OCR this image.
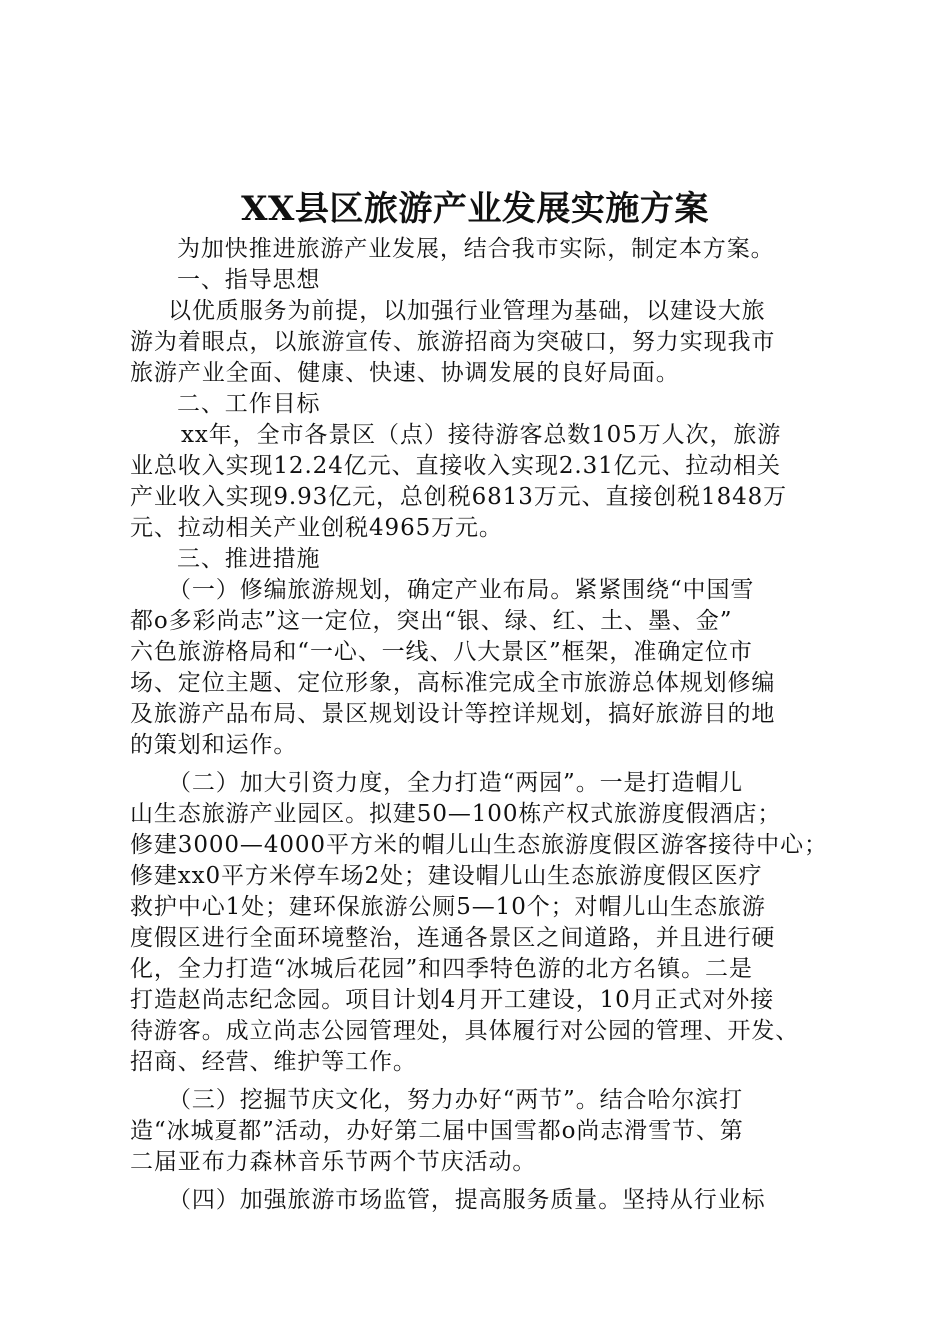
XX县区旅游产业发展实施方案
为加快推进旅游产业发展，结合我市实际，制定本方案。
一、指导思想
以优质服务为前提，以加强行业管理为基础，以建设大旅
游为着眼点，以旅游宣传、旅游招商为突破口，努力实现我市
旅游产业全面、健康、快速、协调发展的良好局面。
二、工作目标
xx年，全市各景区（点）接待游客总数105万人次，旅游
业总收入实现12.24亿元、直接收入实现2.31亿元、拉动相关
产业收入实现9.93亿元，总创税6813万元、直接创税1848万
元、拉动相关产业创税4965万元。
三、推进措施
（一）修编旅游规划，确定产业布局。紧紧围绕“中国雪
都o多彩尚志”这一定位，突出“银、绿、红、土、墨、金”
六色旅游格局和“一心、一线、八大景区”框架，准确定位市
场、定位主题、定位形象，高标准完成全市旅游总体规划修编
及旅游产品布局、景区规划设计等控详规划，搞好旅游目的地
的策划和运作。
（二）加大引资力度，全力打造“两园”。一是打造帽儿
山生态旅游产业园区。拟建50—100栋产权式旅游度假酒店；
修建3000—4000平方米的帽儿山生态旅游度假区游客接待中心；
修建xx0平方米停车场2处；建设帽儿山生态旅游度假区医疗
救护中心1处；建环保旅游公厕5—10个；对帽儿山生态旅游
度假区进行全面环境整治，连通各景区之间道路，并且进行硬
化，全力打造“冰城后花园”和四季特色游的北方名镇。二是
打造赵尚志纪念园。项目计划4月开工建设，10月正式对外接
待游客。成立尚志公园管理处，具体履行对公园的管理、开发、
招商、经营、维护等工作。
（三）挖掘节庆文化，努力办好“两节”。结合哈尔滨打
造“冰城夏都”活动，办好第二届中国雪都o尚志滑雪节、第
二届亚布力森林音乐节两个节庆活动。
（四）加强旅游市场监管，提高服务质量。坚持从行业标
